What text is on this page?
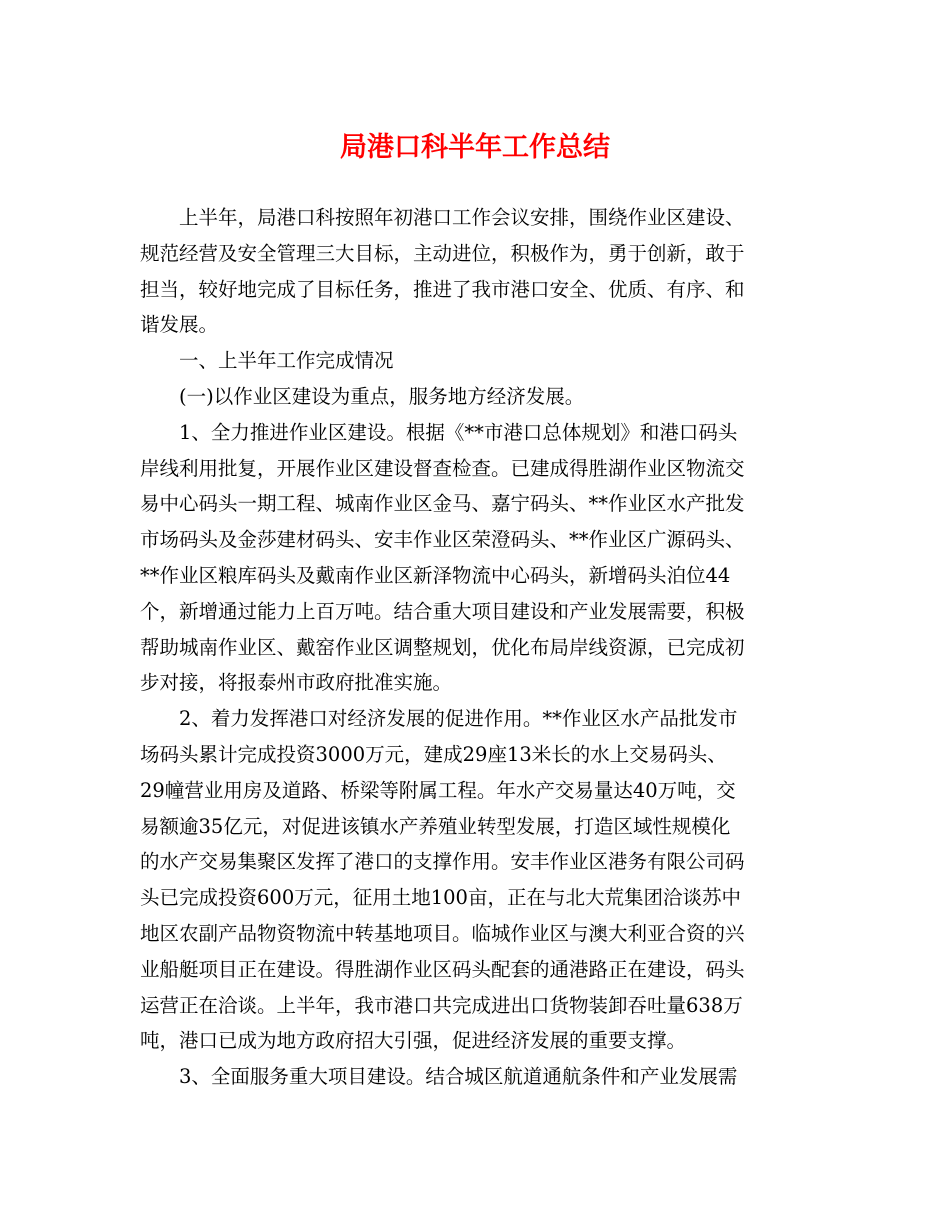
局港口科半年工作总结

上半年，局港口科按照年初港口工作会议安排，围绕作业区建设、
规范经营及安全管理三大目标，主动进位，积极作为，勇于创新，敢于
担当，较好地完成了目标任务，推进了我市港口安全、优质、有序、和
谐发展。

一、上半年工作完成情况

(一)以作业区建设为重点，服务地方经济发展。

1、全力推进作业区建设。根据《**市港口总体规划》和港口码头
岸线利用批复，开展作业区建设督查检查。已建成得胜湖作业区物流交
易中心码头一期工程、城南作业区金马、嘉宁码头、**作业区水产批发
市场码头及金莎建材码头、安丰作业区荣澄码头、**作业区广源码头、
**作业区粮库码头及戴南作业区新泽物流中心码头，新增码头泊位44
个，新增通过能力上百万吨。结合重大项目建设和产业发展需要，积极
帮助城南作业区、戴窑作业区调整规划，优化布局岸线资源，已完成初
步对接，将报泰州市政府批准实施。

2、着力发挥港口对经济发展的促进作用。**作业区水产品批发市
场码头累计完成投资3000万元，建成29座13米长的水上交易码头、
29幢营业用房及道路、桥梁等附属工程。年水产交易量达40万吨，交
易额逾35亿元，对促进该镇水产养殖业转型发展，打造区域性规模化
的水产交易集聚区发挥了港口的支撑作用。安丰作业区港务有限公司码
头已完成投资600万元，征用土地100亩，正在与北大荒集团洽谈苏中
地区农副产品物资物流中转基地项目。临城作业区与澳大利亚合资的兴
业船艇项目正在建设。得胜湖作业区码头配套的通港路正在建设，码头
运营正在洽谈。上半年，我市港口共完成进出口货物装卸吞吐量638万
吨，港口已成为地方政府招大引强，促进经济发展的重要支撑。

3、全面服务重大项目建设。结合城区航道通航条件和产业发展需
